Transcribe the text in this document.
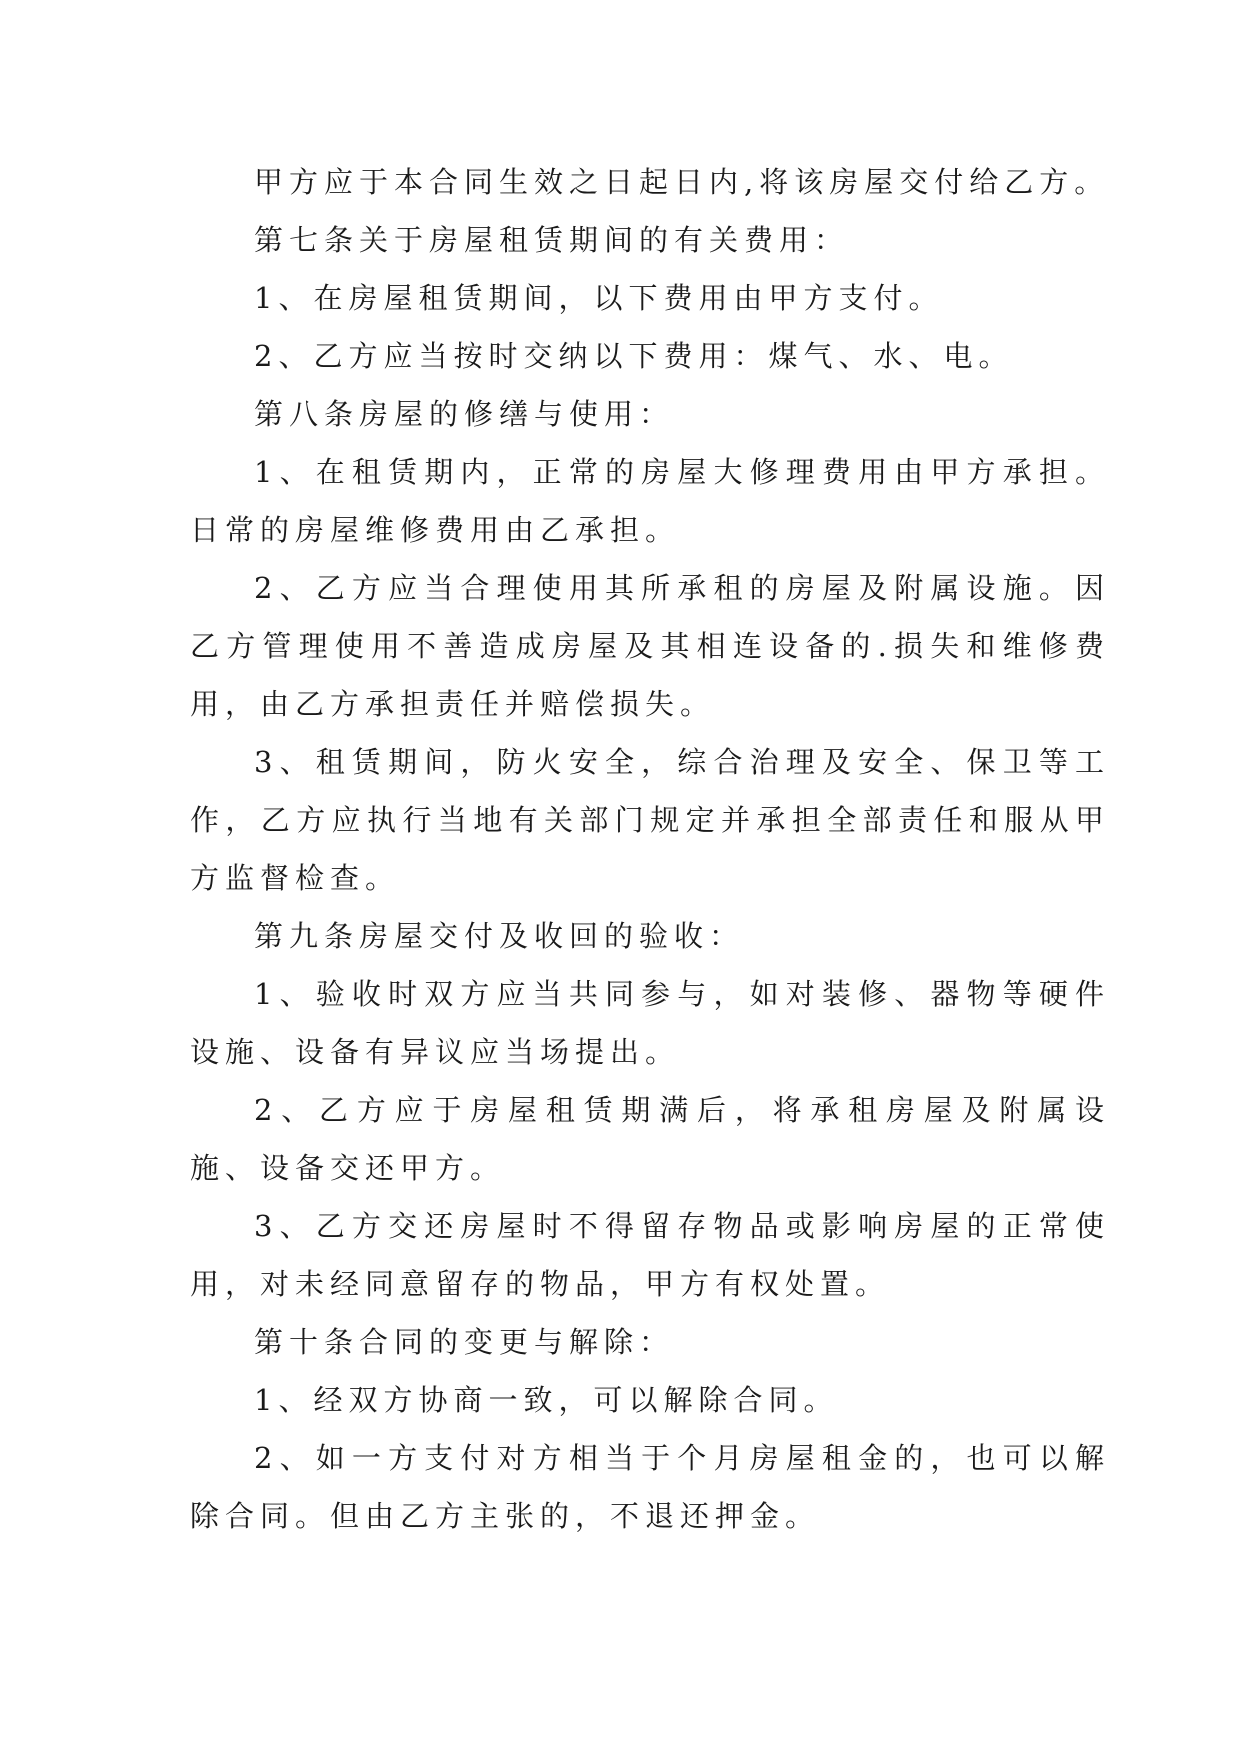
甲方应于本合同生效之日起日内,将该房屋交付给乙方。

第七条关于房屋租赁期间的有关费用：

1、在房屋租赁期间，以下费用由甲方支付。

2、乙方应当按时交纳以下费用：煤气、水、电。

第八条房屋的修缮与使用：

1、在租赁期内，正常的房屋大修理费用由甲方承担。日常的房屋维修费用由乙承担。

2、乙方应当合理使用其所承租的房屋及附属设施。因乙方管理使用不善造成房屋及其相连设备的.损失和维修费用，由乙方承担责任并赔偿损失。

3、租赁期间，防火安全，综合治理及安全、保卫等工作，乙方应执行当地有关部门规定并承担全部责任和服从甲方监督检查。

第九条房屋交付及收回的验收：

1、验收时双方应当共同参与，如对装修、器物等硬件设施、设备有异议应当场提出。

2、乙方应于房屋租赁期满后，将承租房屋及附属设施、设备交还甲方。

3、乙方交还房屋时不得留存物品或影响房屋的正常使用，对未经同意留存的物品，甲方有权处置。

第十条合同的变更与解除：

1、经双方协商一致，可以解除合同。

2、如一方支付对方相当于个月房屋租金的，也可以解除合同。但由乙方主张的，不退还押金。
